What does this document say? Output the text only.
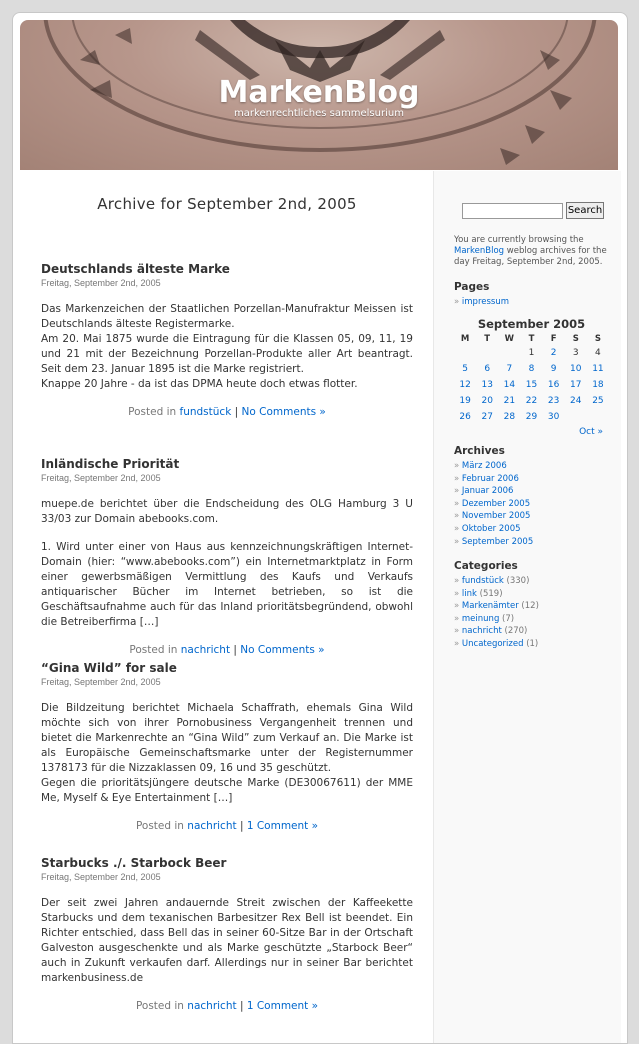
MarkenBlog
markenrechtliches sammelsurium
Archive for September 2nd, 2005
Deutschlands älteste Marke
Freitag, September 2nd, 2005

Das Markenzeichen der Staatlichen Porzellan-Manufraktur Meissen ist Deutschlands älteste Registermarke.
Am 20. Mai 1875 wurde die Eintragung für die Klassen 05, 09, 11, 19 und 21 mit der Bezeichnung Porzellan-Produkte aller Art beantragt. Seit dem 23. Januar 1895 ist die Marke registriert.
Knappe 20 Jahre - da ist das DPMA heute doch etwas flotter.

Posted in fundstück | No Comments »
Inländische Priorität
Freitag, September 2nd, 2005

muepe.de berichtet über die Endscheidung des OLG Hamburg 3 U 33/03 zur Domain abebooks.com.

1. Wird unter einer von Haus aus kennzeichnungskräftigen Internet-Domain (hier: “www.abebooks.com”) ein Internetmarktplatz in Form einer gewerbsmäßigen Vermittlung des Kaufs und Verkaufs antiquarischer Bücher im Internet betrieben, so ist die Geschäftsaufnahme auch für das Inland prioritätsbegründend, obwohl die Betreiberfirma […]

Posted in nachricht | No Comments »
“Gina Wild” for sale
Freitag, September 2nd, 2005

Die Bildzeitung berichtet Michaela Schaffrath, ehemals Gina Wild möchte sich von ihrer Pornobusiness Vergangenheit trennen und bietet die Markenrechte an “Gina Wild” zum Verkauf an. Die Marke ist als Europäische Gemeinschaftsmarke unter der Registernummer 1378173 für die Nizzaklassen 09, 16 und 35 geschützt.
Gegen die prioritätsjüngere deutsche Marke (DE30067611) der MME Me, Myself & Eye Entertainment […]

Posted in nachricht | 1 Comment »
Starbucks ./. Starbock Beer
Freitag, September 2nd, 2005

Der seit zwei Jahren andauernde Streit zwischen der Kaffeekette Starbucks und dem texanischen Barbesitzer Rex Bell ist beendet. Ein Richter entschied, dass Bell das in seiner 60-Sitze Bar in der Ortschaft Galveston ausgeschenkte und als Marke geschützte „Starbock Beer“ auch in Zukunft verkaufen darf. Allerdings nur in seiner Bar berichtet markenbusiness.de

Posted in nachricht | 1 Comment »
Search
You are currently browsing the
MarkenBlog weblog archives for the day Freitag, September 2nd, 2005.
Pages
» impressum
September 2005
M	T	W	T	F	S	S
			1	2	3	4
5	6	7	8	9	10	11
12	13	14	15	16	17	18
19	20	21	22	23	24	25
26	27	28	29	30		
Oct »
Archives
» März 2006
» Februar 2006
» Januar 2006
» Dezember 2005
» November 2005
» Oktober 2005
» September 2005
Categories
» fundstück (330)
» link (519)
» Markenämter (12)
» meinung (7)
» nachricht (270)
» Uncategorized (1)
